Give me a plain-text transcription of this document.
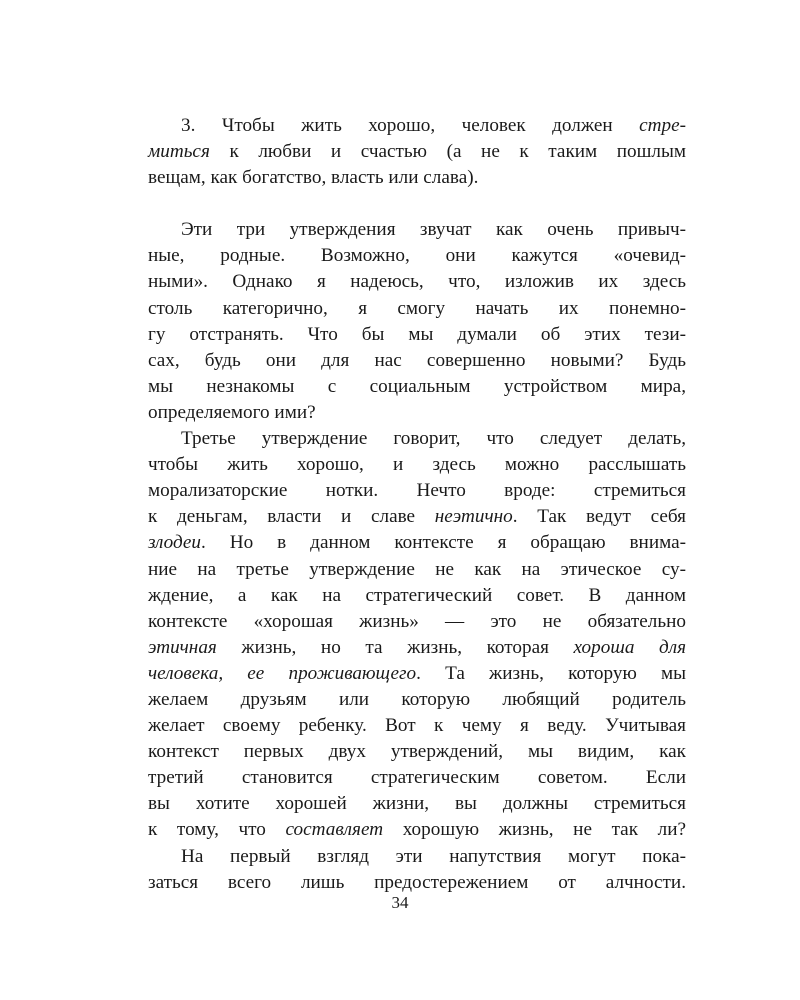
3. Чтобы жить хорошо, человек должен стре-
миться к любви и счастью (а не к таким пошлым
вещам, как богатство, власть или слава).
Эти три утверждения звучат как очень привыч-
ные, родные. Возможно, они кажутся «очевид-
ными». Однако я надеюсь, что, изложив их здесь
столь категорично, я смогу начать их понемно-
гу отстранять. Что бы мы думали об этих тези-
сах, будь они для нас совершенно новыми? Будь
мы незнакомы с социальным устройством мира,
определяемого ими?
Третье утверждение говорит, что следует делать,
чтобы жить хорошо, и здесь можно расслышать
морализаторские нотки. Нечто вроде: стремиться
к деньгам, власти и славе неэтично. Так ведут себя
злодеи. Но в данном контексте я обращаю внима-
ние на третье утверждение не как на этическое су-
ждение, а как на стратегический совет. В данном
контексте «хорошая жизнь» — это не обязательно
этичная жизнь, но та жизнь, которая хороша для
человека, ее проживающего. Та жизнь, которую мы
желаем друзьям или которую любящий родитель
желает своему ребенку. Вот к чему я веду. Учитывая
контекст первых двух утверждений, мы видим, как
третий становится стратегическим советом. Если
вы хотите хорошей жизни, вы должны стремиться
к тому, что составляет хорошую жизнь, не так ли?
На первый взгляд эти напутствия могут пока-
заться всего лишь предостережением от алчности.
34
